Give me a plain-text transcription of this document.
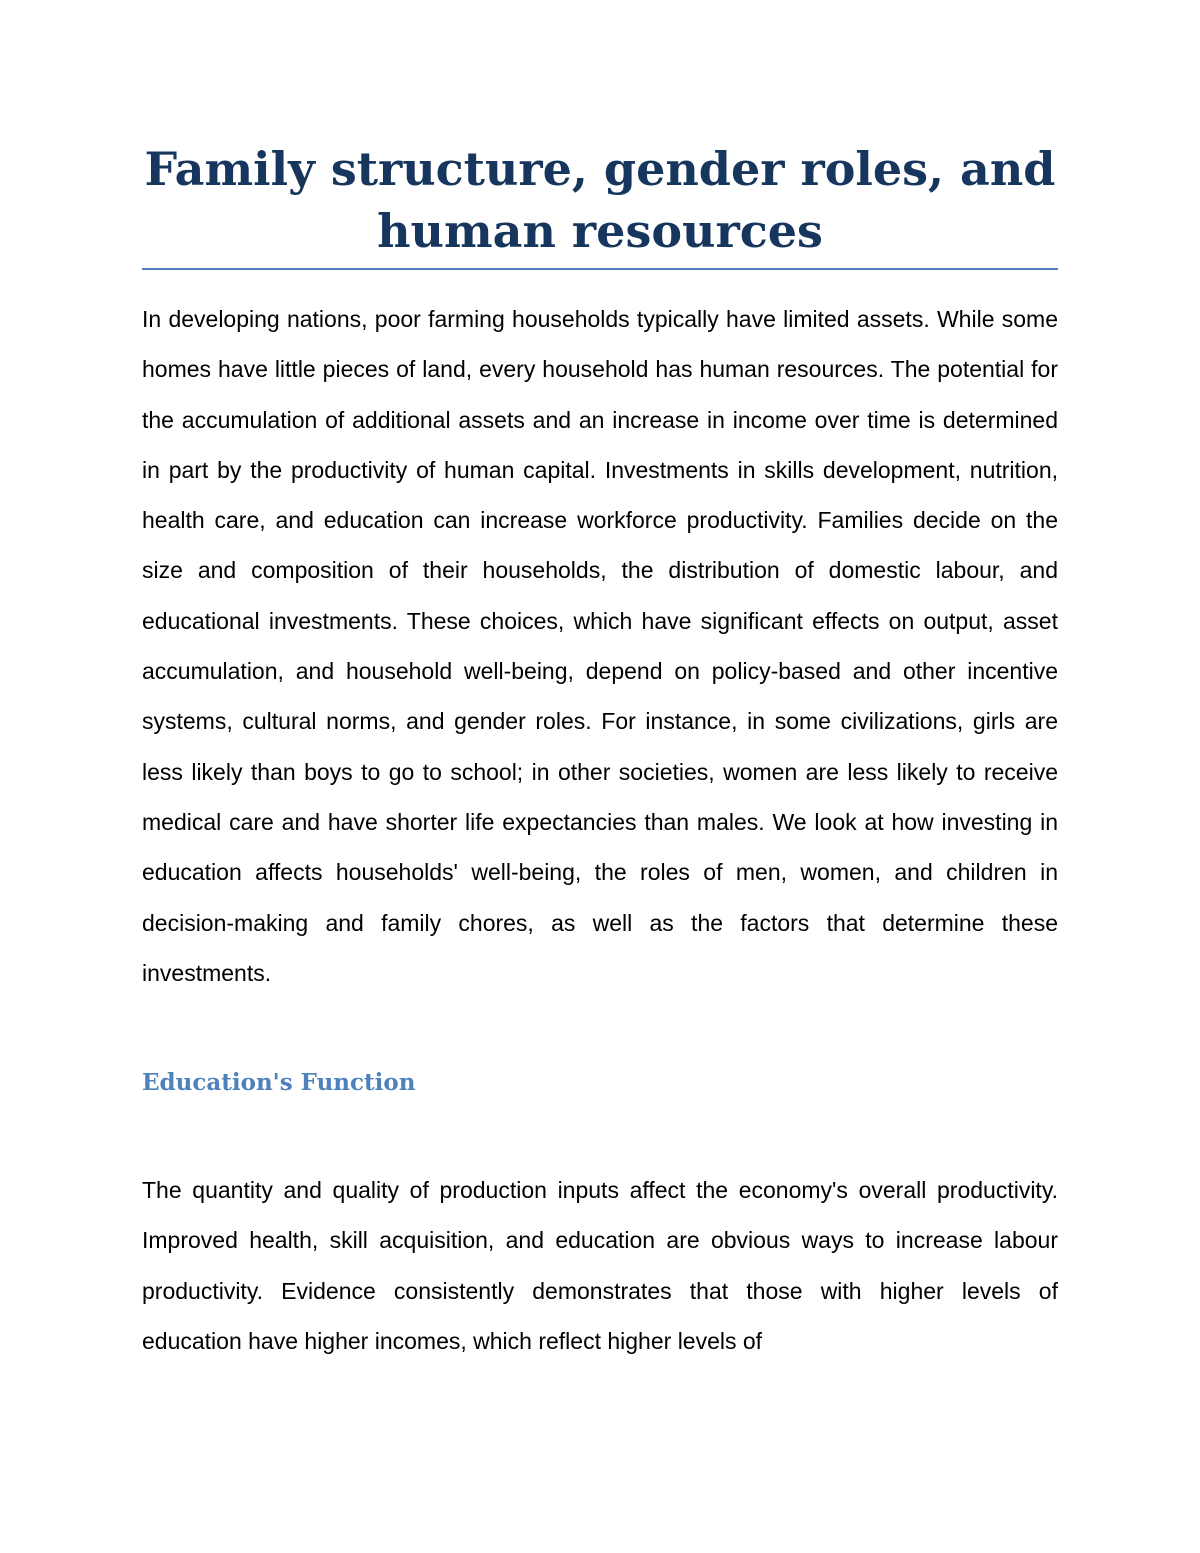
Family structure, gender roles, and human resources

In developing nations, poor farming households typically have limited assets. While some homes have little pieces of land, every household has human resources. The potential for the accumulation of additional assets and an increase in income over time is determined in part by the productivity of human capital. Investments in skills development, nutrition, health care, and education can increase workforce productivity. Families decide on the size and composition of their households, the distribution of domestic labour, and educational investments. These choices, which have significant effects on output, asset accumulation, and household well-being, depend on policy-based and other incentive systems, cultural norms, and gender roles. For instance, in some civilizations, girls are less likely than boys to go to school; in other societies, women are less likely to receive medical care and have shorter life expectancies than males. We look at how investing in education affects households' well-being, the roles of men, women, and children in decision-making and family chores, as well as the factors that determine these investments.

Education's Function

The quantity and quality of production inputs affect the economy's overall productivity. Improved health, skill acquisition, and education are obvious ways to increase labour productivity. Evidence consistently demonstrates that those with higher levels of education have higher incomes, which reflect higher levels of
